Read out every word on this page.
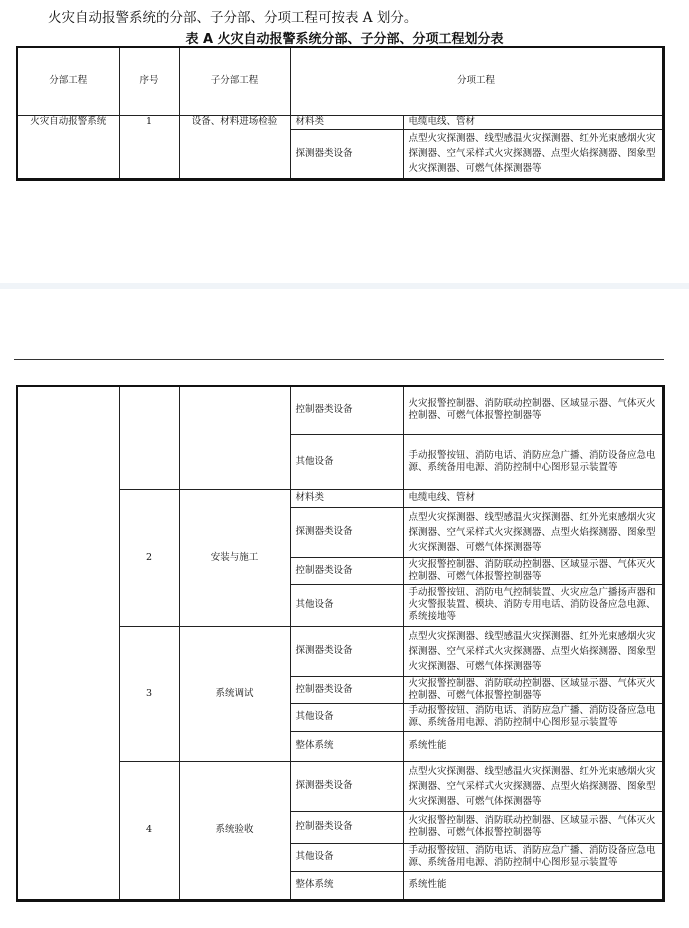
火灾自动报警系统的分部、子分部、分项工程可按表 A 划分。
表 A 火灾自动报警系统分部、子分部、分项工程划分表
分部工程	序号	子分部工程	分项工程	
火灾自动报警系统	1	设备、材料进场检验	材料类	电缆电线、管材
			探测器类设备	点型火灾探测器、线型感温火灾探测器、红外光束感烟火灾探测器、空气采样式火灾探测器、点型火焰探测器、图象型火灾探测器、可燃气体探测器等
			控制器类设备	火灾报警控制器、消防联动控制器、区域显示器、气体灭火控制器、可燃气体报警控制器等
			其他设备	手动报警按钮、消防电话、消防应急广播、消防设备应急电源、系统备用电源、消防控制中心图形显示装置等
	2	安装与施工	材料类	电缆电线、管材
			探测器类设备	点型火灾探测器、线型感温火灾探测器、红外光束感烟火灾探测器、空气采样式火灾探测器、点型火焰探测器、图象型火灾探测器、可燃气体探测器等
			控制器类设备	火灾报警控制器、消防联动控制器、区域显示器、气体灭火控制器、可燃气体报警控制器等
			其他设备	手动报警按钮、消防电气控制装置、火灾应急广播扬声器和火灾警报装置、模块、消防专用电话、消防设备应急电源、系统接地等
	3	系统调试	探测器类设备	点型火灾探测器、线型感温火灾探测器、红外光束感烟火灾探测器、空气采样式火灾探测器、点型火焰探测器、图象型火灾探测器、可燃气体探测器等
			控制器类设备	火灾报警控制器、消防联动控制器、区域显示器、气体灭火控制器、可燃气体报警控制器等
			其他设备	手动报警按钮、消防电话、消防应急广播、消防设备应急电源、系统备用电源、消防控制中心图形显示装置等
			整体系统	系统性能
	4	系统验收	探测器类设备	点型火灾探测器、线型感温火灾探测器、红外光束感烟火灾探测器、空气采样式火灾探测器、点型火焰探测器、图象型火灾探测器、可燃气体探测器等
			控制器类设备	火灾报警控制器、消防联动控制器、区域显示器、气体灭火控制器、可燃气体报警控制器等
			其他设备	手动报警按钮、消防电话、消防应急广播、消防设备应急电源、系统备用电源、消防控制中心图形显示装置等
			整体系统	系统性能
